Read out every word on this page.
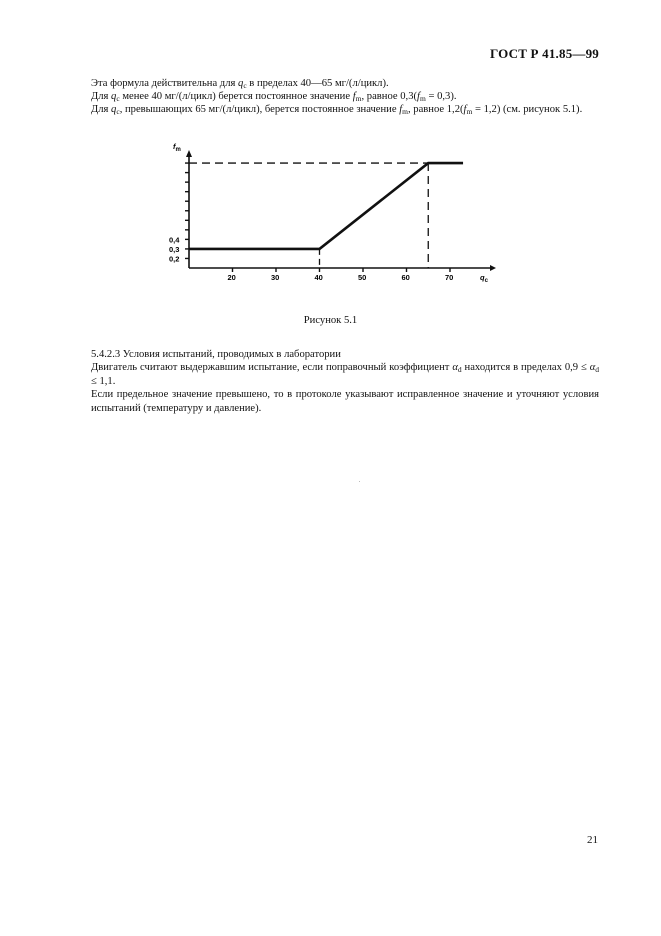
ГОСТ Р 41.85—99

Эта формула действительна для $q_c$ в пределах 40—65 мг/(л/цикл).

Для $q_c$ менее 40 мг/(л/цикл) берется постоянное значение $f_m$, равное $0,3(f_m = 0,3)$.

Для $q_c$, превышающих 65 мг/(л/цикл), берется постоянное значение $f_m$, равное $1,2(f_m = 1,2)$ (см. рисунок 5.1).

20	30	40	50	60	70
0,2
0,3
0,4
$f_m$
$q_c$
Рисунок 5.1

5.4.2.3 Условия испытаний, проводимых в лаборатории

Двигатель считают выдержавшим испытание, если поправочный коэффициент $\alpha_d$ находится в пределах $0,9 \le \alpha_d \le 1,1$.

Если предельное значение превышено, то в протоколе указывают исправленное значение и уточняют условия испытаний (температуру и давление).

21
